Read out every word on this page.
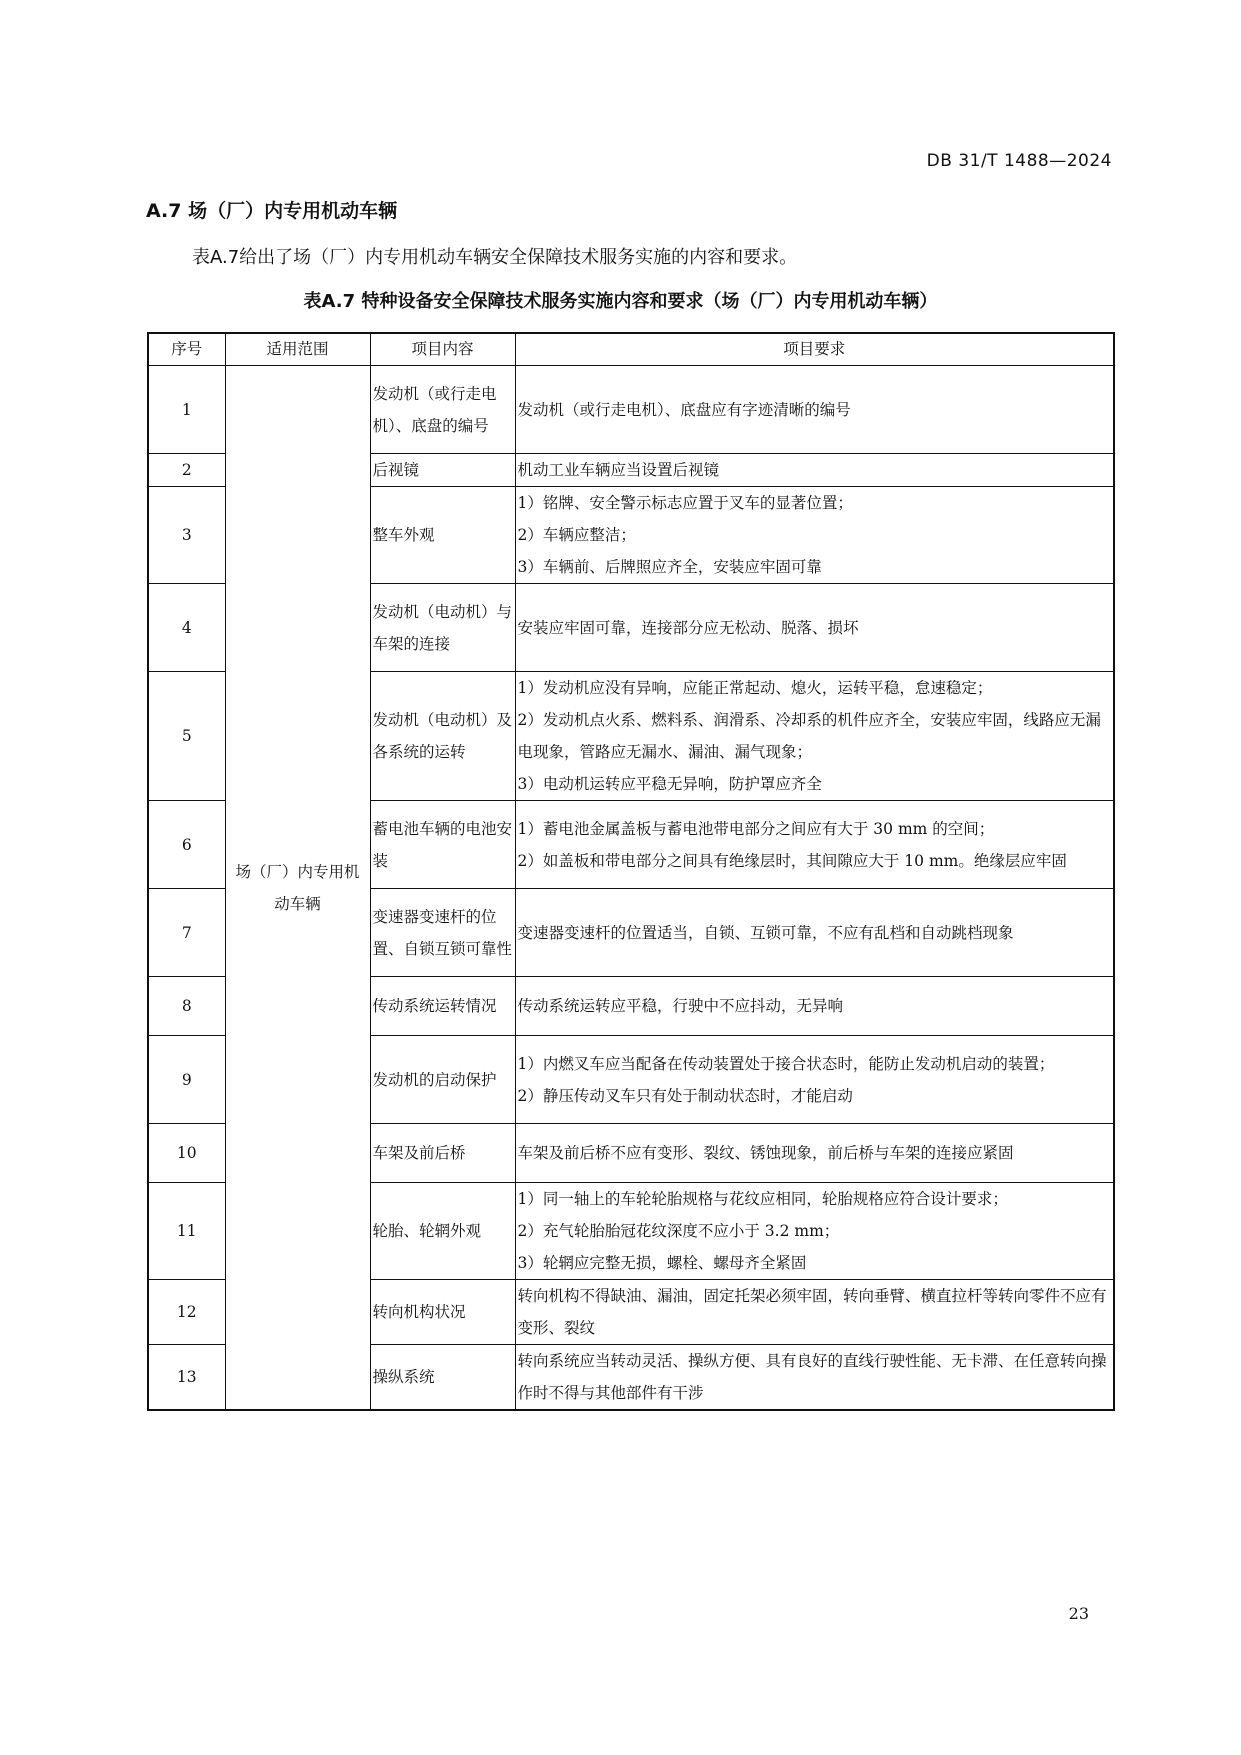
DB 31/T 1488—2024
A.7 场（厂）内专用机动车辆
表A.7给出了场（厂）内专用机动车辆安全保障技术服务实施的内容和要求。
表A.7 特种设备安全保障技术服务实施内容和要求（场（厂）内专用机动车辆）
序号	适用范围	项目内容	项目要求
1	场（厂）内专用机动车辆	发动机（或行走电机）、底盘的编号	发动机（或行走电机）、底盘应有字迹清晰的编号

2		后视镜	机动工业车辆应当设置后视镜

3		整车外观	1）铭牌、安全警示标志应置于叉车的显著位置；
2）车辆应整洁；
3）车辆前、后牌照应齐全，安装应牢固可靠

4		发动机（电动机）与车架的连接	安装应牢固可靠，连接部分应无松动、脱落、损坏

5		发动机（电动机）及各系统的运转	1）发动机应没有异响，应能正常起动、熄火，运转平稳，怠速稳定；
2）发动机点火系、燃料系、润滑系、冷却系的机件应齐全，安装应牢固，线路应无漏电现象，管路应无漏水、漏油、漏气现象；
3）电动机运转应平稳无异响，防护罩应齐全

6		蓄电池车辆的电池安装	1）蓄电池金属盖板与蓄电池带电部分之间应有大于 30 mm 的空间；
2）如盖板和带电部分之间具有绝缘层时，其间隙应大于 10 mm。绝缘层应牢固

7		变速器变速杆的位置、自锁互锁可靠性	变速器变速杆的位置适当，自锁、互锁可靠，不应有乱档和自动跳档现象

8		传动系统运转情况	传动系统运转应平稳，行驶中不应抖动，无异响

9		发动机的启动保护	1）内燃叉车应当配备在传动装置处于接合状态时，能防止发动机启动的装置；
2）静压传动叉车只有处于制动状态时，才能启动

10		车架及前后桥	车架及前后桥不应有变形、裂纹、锈蚀现象，前后桥与车架的连接应紧固

11		轮胎、轮辋外观	1）同一轴上的车轮轮胎规格与花纹应相同，轮胎规格应符合设计要求；
2）充气轮胎胎冠花纹深度不应小于 3.2 mm；
3）轮辋应完整无损，螺栓、螺母齐全紧固

12		转向机构状况	转向机构不得缺油、漏油，固定托架必须牢固，转向垂臂、横直拉杆等转向零件不应有变形、裂纹

13		操纵系统	转向系统应当转动灵活、操纵方便、具有良好的直线行驶性能、无卡滞、在任意转向操作时不得与其他部件有干涉
23
